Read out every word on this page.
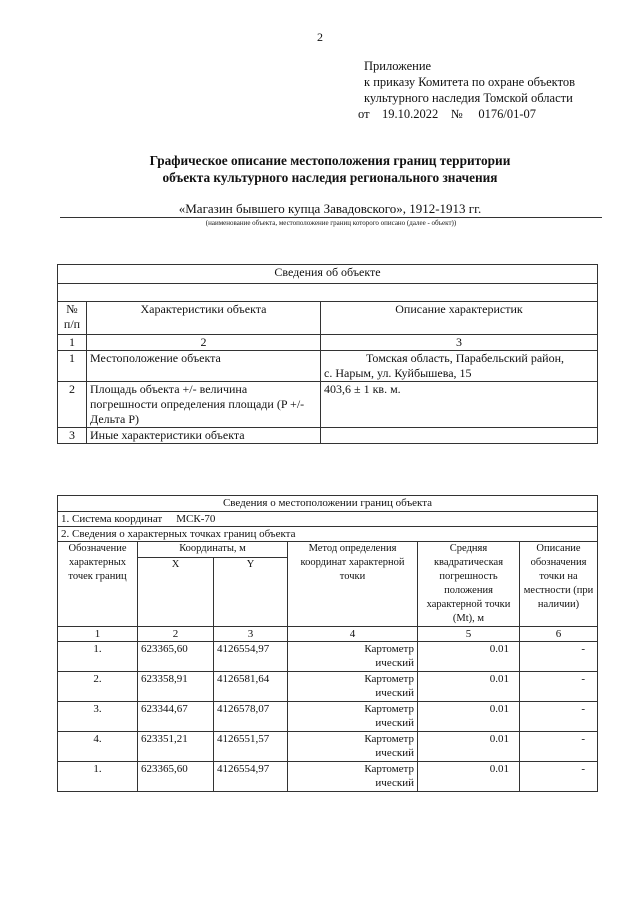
2
Приложение
к приказу Комитета по охране объектов
культурного наследия Томской области
от    19.10.2022    №     0176/01-07
Графическое описание местоположения границ территории
объекта культурного наследия регионального значения
«Магазин бывшего купца Завадовского», 1912-1913 гг.
(наименование объекта, местоположение границ которого описано (далее - объект))
Сведения об объекте		

№ п/п	Характеристики объекта	Описание характеристик
1	2	3
1	Местоположение объекта	Томская область, Парабельский район,
с. Нарым, ул. Куйбышева, 15

2	Площадь объекта +/- величина погрешности определения площади (P +/- Дельта P)	403,6 ± 1 кв. м.
3	Иные характеристики объекта	
Сведения о местоположении границ объекта					
1. Система координат МСК-70					
2. Сведения о характерных точках границ объекта					
Обозначение характерных точек границ	Координаты, м		Метод определения координат характерной точки	Средняя квадратическая погрешность положения характерной точки (Mt), м	Описание обозначения точки на местности (при наличии)
	X	Y			
1	2	3	4	5	6
1.	623365,60	4126554,97	Картометрический	0.01	-
2.	623358,91	4126581,64	Картометрический	0.01	-
3.	623344,67	4126578,07	Картометрический	0.01	-
4.	623351,21	4126551,57	Картометрический	0.01	-
1.	623365,60	4126554,97	Картометрический	0.01	-
